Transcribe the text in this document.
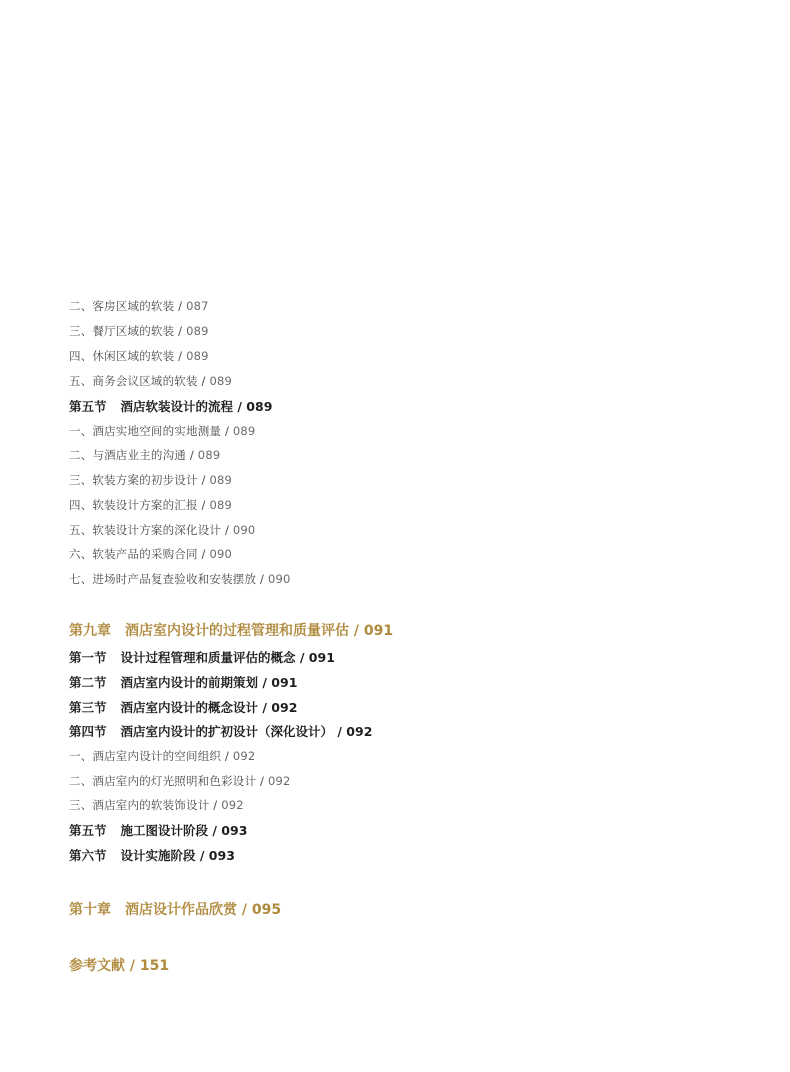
二、客房区域的软装 / 087
三、餐厅区域的软装 / 089
四、休闲区域的软装 / 089
五、商务会议区域的软装 / 089
第五节 酒店软装设计的流程 / 089
一、酒店实地空间的实地测量 / 089
二、与酒店业主的沟通 / 089
三、软装方案的初步设计 / 089
四、软装设计方案的汇报 / 089
五、软装设计方案的深化设计 / 090
六、软装产品的采购合同 / 090
七、进场时产品复查验收和安装摆放 / 090
第九章 酒店室内设计的过程管理和质量评估 / 091
第一节 设计过程管理和质量评估的概念 / 091
第二节 酒店室内设计的前期策划 / 091
第三节 酒店室内设计的概念设计 / 092
第四节 酒店室内设计的扩初设计（深化设计） / 092
一、酒店室内设计的空间组织 / 092
二、酒店室内的灯光照明和色彩设计 / 092
三、酒店室内的软装饰设计 / 092
第五节 施工图设计阶段 / 093
第六节 设计实施阶段 / 093
第十章 酒店设计作品欣赏 / 095
参考文献 / 151
